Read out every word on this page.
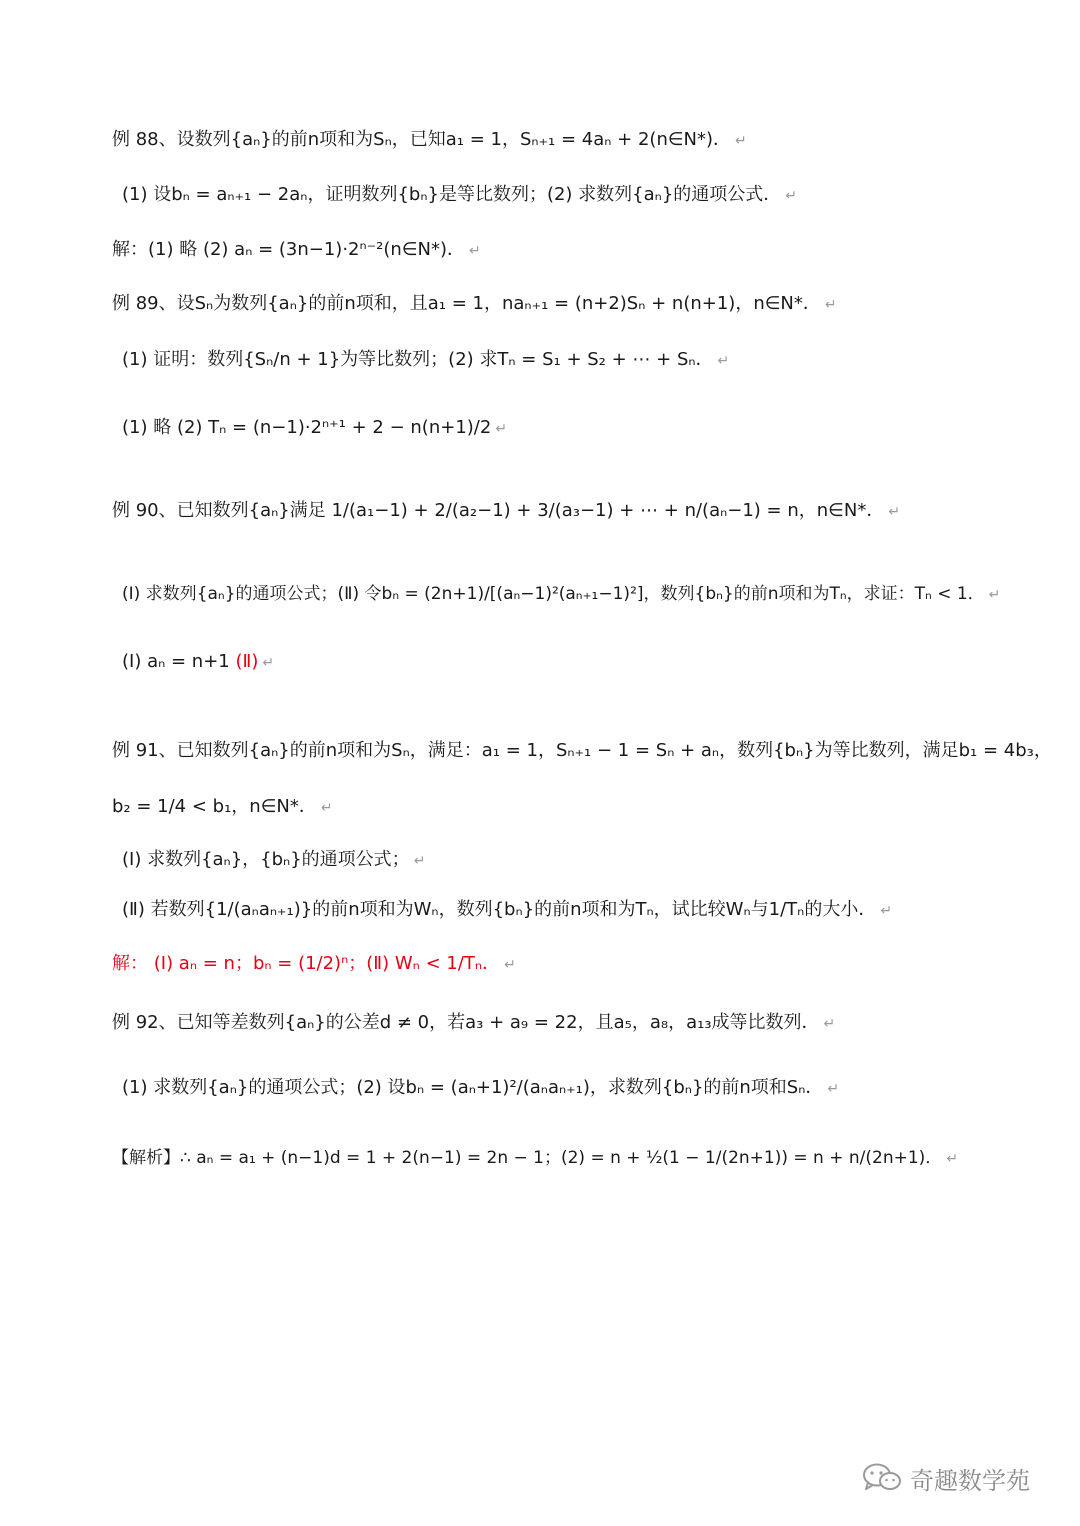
例 88、设数列{aₙ}的前n项和为Sₙ，已知a₁ = 1，Sₙ₊₁ = 4aₙ + 2(n∈N*)． ↵
(1) 设bₙ = aₙ₊₁ − 2aₙ，证明数列{bₙ}是等比数列；(2) 求数列{aₙ}的通项公式． ↵
解：(1) 略 (2) aₙ = (3n−1)·2ⁿ⁻²(n∈N*)． ↵
例 89、设Sₙ为数列{aₙ}的前n项和，且a₁ = 1，naₙ₊₁ = (n+2)Sₙ + n(n+1)，n∈N*． ↵
(1) 证明：数列{Sₙ/n + 1}为等比数列；(2) 求Tₙ = S₁ + S₂ + ⋯ + Sₙ． ↵
(1) 略 (2) Tₙ = (n−1)·2ⁿ⁺¹ + 2 − n(n+1)/2 ↵
例 90、已知数列{aₙ}满足 1/(a₁−1) + 2/(a₂−1) + 3/(a₃−1) + ⋯ + n/(aₙ−1) = n，n∈N*． ↵
(Ⅰ) 求数列{aₙ}的通项公式；(Ⅱ) 令bₙ = (2n+1)/[(aₙ−1)²(aₙ₊₁−1)²]，数列{bₙ}的前n项和为Tₙ，求证：Tₙ < 1． ↵
(Ⅰ) aₙ = n+1 (Ⅱ) ↵
例 91、已知数列{aₙ}的前n项和为Sₙ，满足：a₁ = 1，Sₙ₊₁ − 1 = Sₙ + aₙ，数列{bₙ}为等比数列，满足b₁ = 4b₃，
b₂ = 1/4 < b₁，n∈N*． ↵
(Ⅰ) 求数列{aₙ}，{bₙ}的通项公式； ↵
(Ⅱ) 若数列{1/(aₙaₙ₊₁)}的前n项和为Wₙ，数列{bₙ}的前n项和为Tₙ，试比较Wₙ与1/Tₙ的大小． ↵
解： (Ⅰ) aₙ = n；bₙ = (1/2)ⁿ；(Ⅱ) Wₙ < 1/Tₙ． ↵
例 92、已知等差数列{aₙ}的公差d ≠ 0，若a₃ + a₉ = 22，且a₅，a₈，a₁₃成等比数列． ↵
(1) 求数列{aₙ}的通项公式；(2) 设bₙ = (aₙ+1)²/(aₙaₙ₊₁)，求数列{bₙ}的前n项和Sₙ． ↵
【解析】∴ aₙ = a₁ + (n−1)d = 1 + 2(n−1) = 2n − 1；(2) = n + ½(1 − 1/(2n+1)) = n + n/(2n+1)． ↵
奇趣数学苑
